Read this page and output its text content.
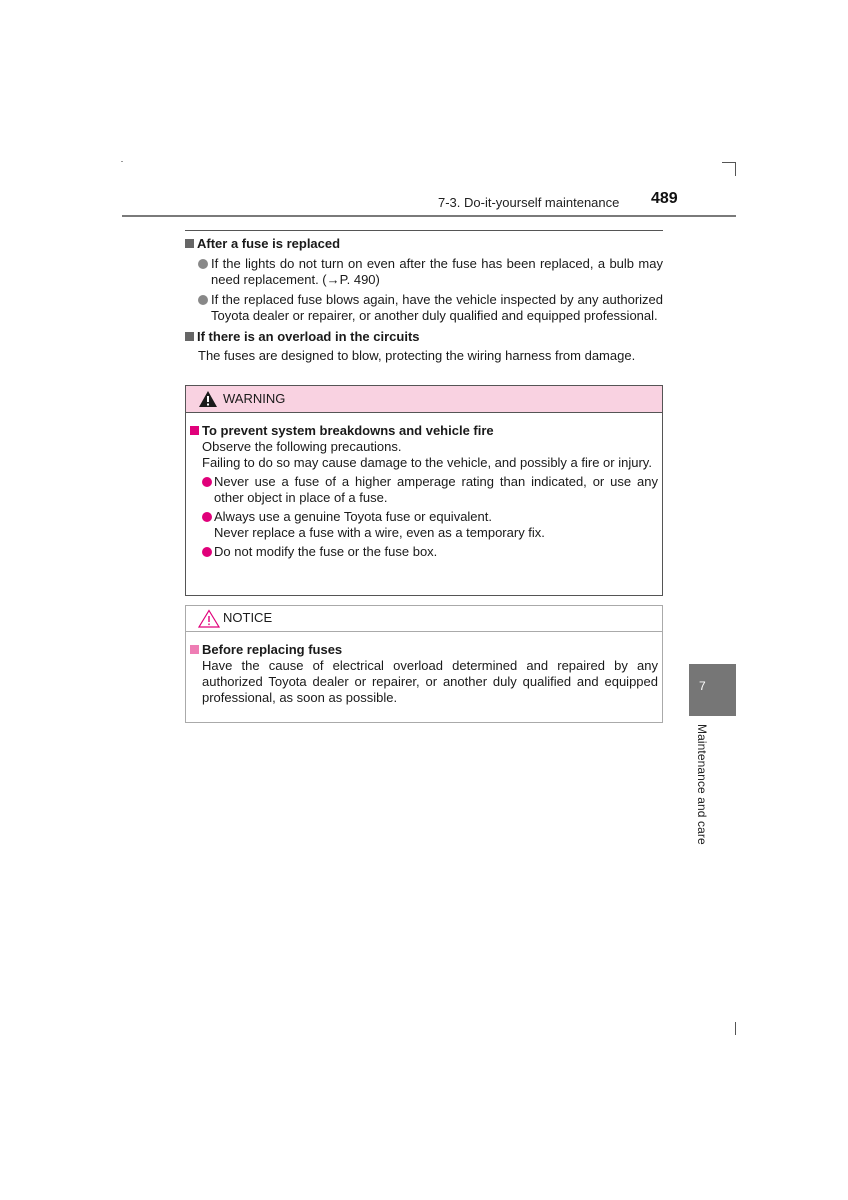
7-3. Do-it-yourself maintenance 489
After a fuse is replaced
If the lights do not turn on even after the fuse has been replaced, a bulb may need replacement. (→P. 490)
If the replaced fuse blows again, have the vehicle inspected by any authorized Toyota dealer or repairer, or another duly qualified and equipped professional.
If there is an overload in the circuits
The fuses are designed to blow, protecting the wiring harness from damage.
WARNING
To prevent system breakdowns and vehicle fire
Observe the following precautions.
Failing to do so may cause damage to the vehicle, and possibly a fire or injury.
Never use a fuse of a higher amperage rating than indicated, or use any other object in place of a fuse.
Always use a genuine Toyota fuse or equivalent.
Never replace a fuse with a wire, even as a temporary fix.
Do not modify the fuse or the fuse box.
NOTICE
Before replacing fuses
Have the cause of electrical overload determined and repaired by any authorized Toyota dealer or repairer, or another duly qualified and equipped professional, as soon as possible.
7
Maintenance and care
